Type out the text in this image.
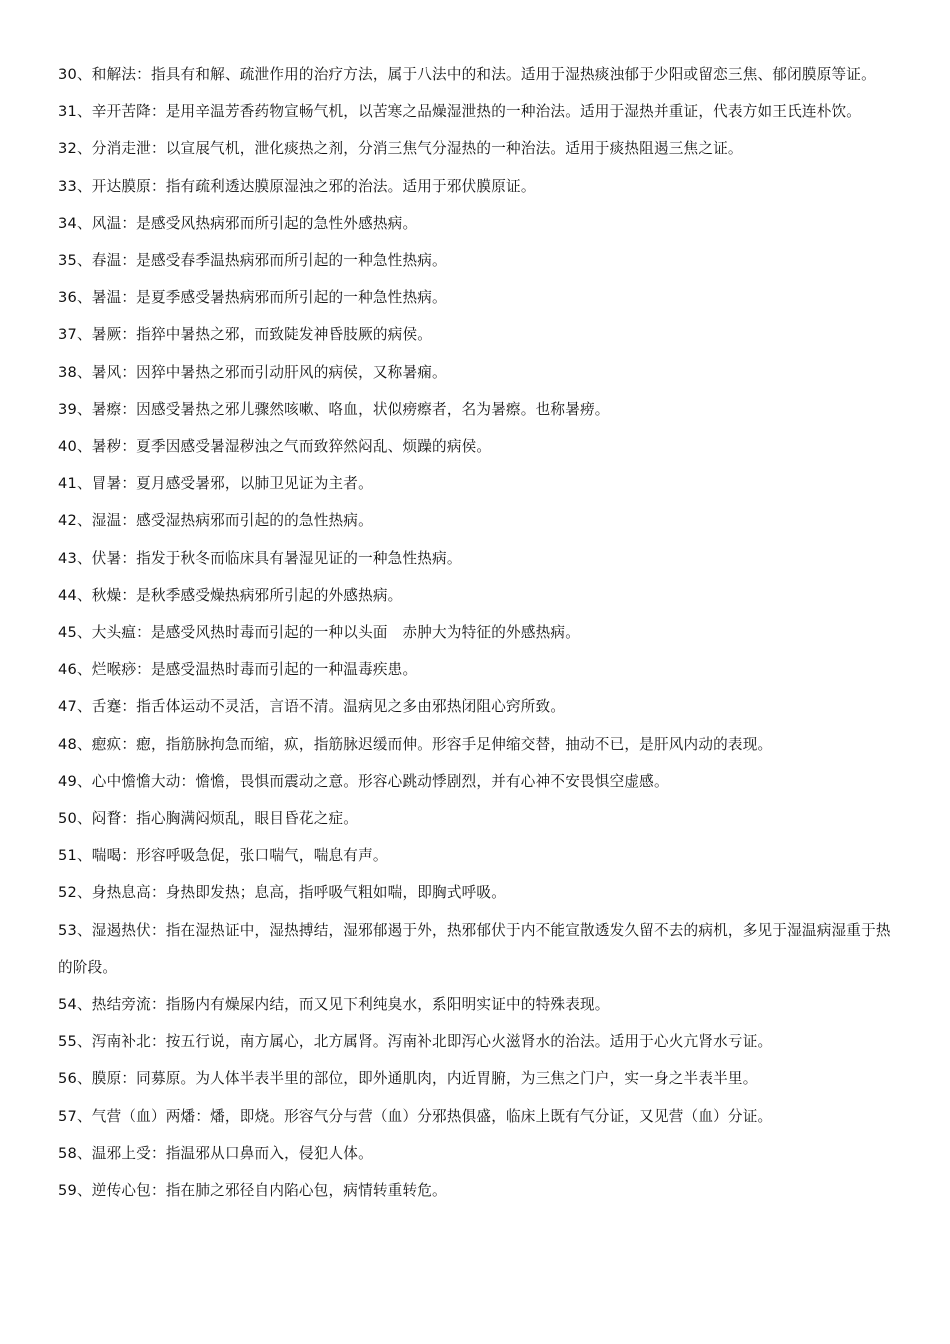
30、和解法：指具有和解、疏泄作用的治疗方法，属于八法中的和法。适用于湿热痰浊郁于少阳或留恋三焦、郁闭膜原等证。

31、辛开苦降：是用辛温芳香药物宣畅气机，以苦寒之品燥湿泄热的一种治法。适用于湿热并重证，代表方如王氏连朴饮。

32、分消走泄：以宣展气机，泄化痰热之剂，分消三焦气分湿热的一种治法。适用于痰热阻遏三焦之证。

33、开达膜原：指有疏利透达膜原湿浊之邪的治法。适用于邪伏膜原证。

34、风温：是感受风热病邪而所引起的急性外感热病。

35、春温：是感受春季温热病邪而所引起的一种急性热病。

36、暑温：是夏季感受暑热病邪而所引起的一种急性热病。

37、暑厥：指猝中暑热之邪，而致陡发神昏肢厥的病侯。

38、暑风：因猝中暑热之邪而引动肝风的病侯，又称暑痫。

39、暑瘵：因感受暑热之邪儿骤然咳嗽、咯血，状似痨瘵者，名为暑瘵。也称暑痨。

40、暑秽：夏季因感受暑湿秽浊之气而致猝然闷乱、烦躁的病侯。

41、冒暑：夏月感受暑邪，以肺卫见证为主者。

42、湿温：感受湿热病邪而引起的的急性热病。

43、伏暑：指发于秋冬而临床具有暑湿见证的一种急性热病。

44、秋燥：是秋季感受燥热病邪所引起的外感热病。

45、大头瘟：是感受风热时毒而引起的一种以头面　赤肿大为特征的外感热病。

46、烂喉痧：是感受温热时毒而引起的一种温毒疾患。

47、舌蹇：指舌体运动不灵活，言语不清。温病见之多由邪热闭阻心窍所致。

48、瘛疭：瘛，指筋脉拘急而缩，疭，指筋脉迟缓而伸。形容手足伸缩交替，抽动不已，是肝风内动的表现。

49、心中憺憺大动：憺憺，畏惧而震动之意。形容心跳动悸剧烈，并有心神不安畏惧空虚感。

50、闷瞀：指心胸满闷烦乱，眼目昏花之症。

51、喘喝：形容呼吸急促，张口喘气，喘息有声。

52、身热息高：身热即发热；息高，指呼吸气粗如喘，即胸式呼吸。

53、湿遏热伏：指在湿热证中，湿热搏结，湿邪郁遏于外，热邪郁伏于内不能宣散透发久留不去的病机，多见于湿温病湿重于热的阶段。

54、热结旁流：指肠内有燥屎内结，而又见下利纯臭水，系阳明实证中的特殊表现。

55、泻南补北：按五行说，南方属心，北方属肾。泻南补北即泻心火滋肾水的治法。适用于心火亢肾水亏证。

56、膜原：同募原。为人体半表半里的部位，即外通肌肉，内近胃腑，为三焦之门户，实一身之半表半里。

57、气营（血）两燔：燔，即烧。形容气分与营（血）分邪热俱盛，临床上既有气分证，又见营（血）分证。

58、温邪上受：指温邪从口鼻而入，侵犯人体。

59、逆传心包：指在肺之邪径自内陷心包，病情转重转危。
